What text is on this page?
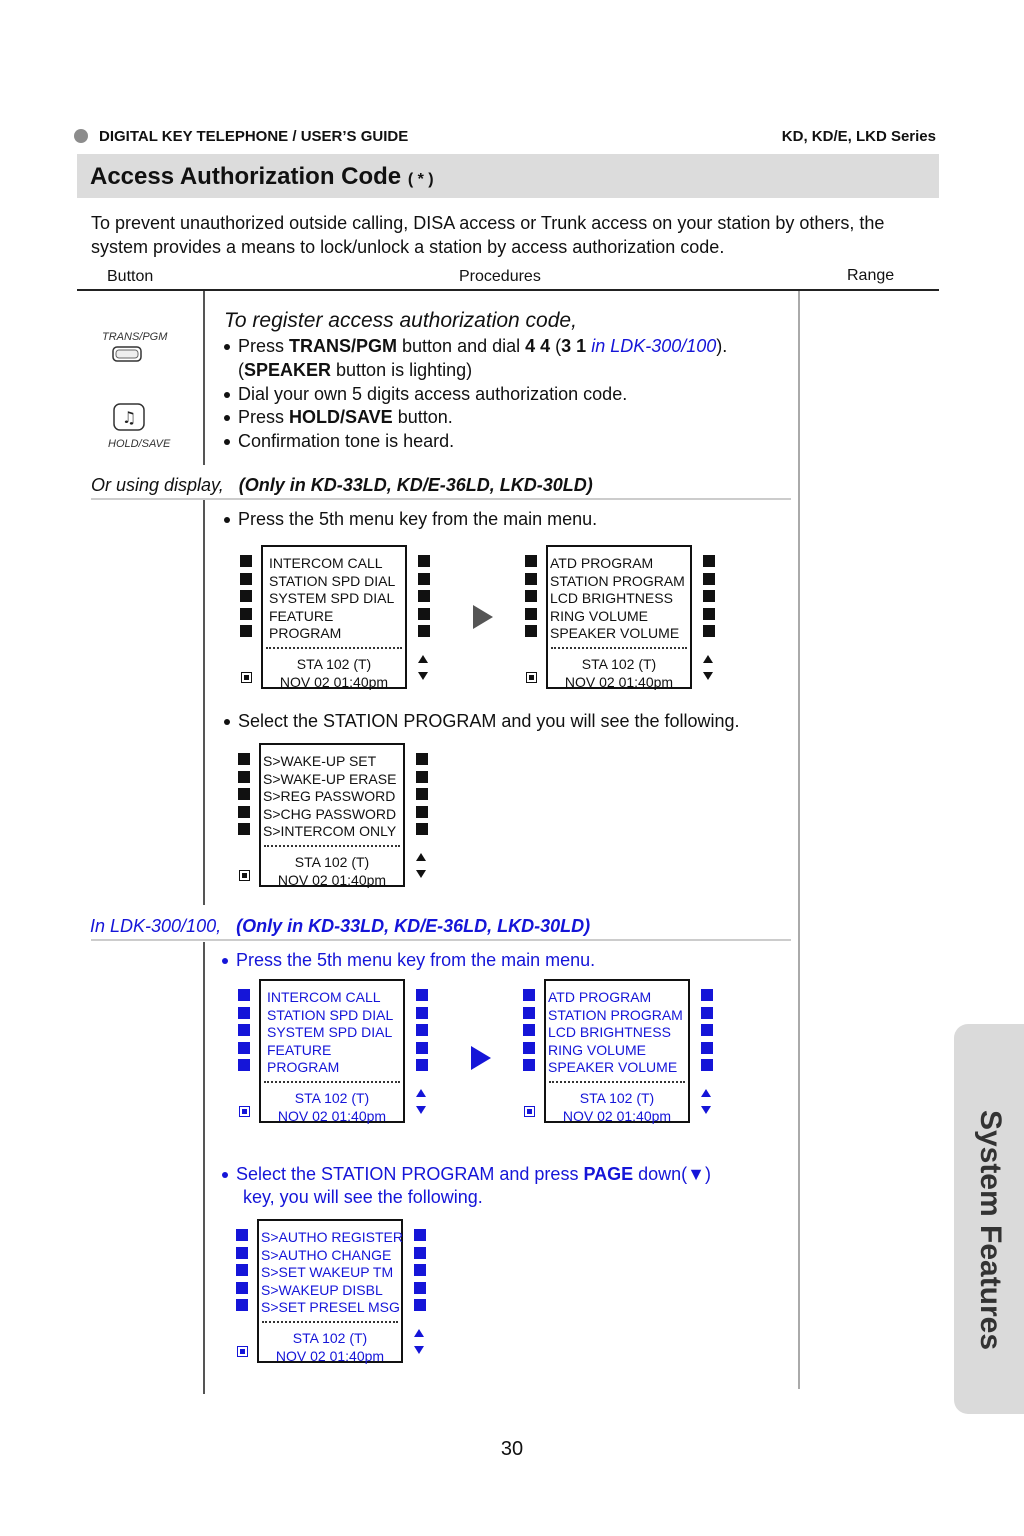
DIGITAL KEY TELEPHONE / USER’S GUIDE	KD, KD/E, LKD Series
Access Authorization Code ( * )
To prevent unauthorized outside calling, DISA access or Trunk access on your station by others, the system provides a means to lock/unlock a station by access authorization code.
Button	Procedures	Range
TRANS/PGM
♫
HOLD/SAVE
To register access authorization code,
Press TRANS/PGM button and dial 4 4 (3 1 in LDK-300/100).
(SPEAKER button is lighting)
Dial your own 5 digits access authorization code.
Press HOLD/SAVE button.
Confirmation tone is heard.
Or using display, (Only in KD-33LD, KD/E-36LD, LKD-30LD)
Press the 5th menu key from the main menu.
INTERCOM CALL
STATION SPD DIAL
SYSTEM SPD DIAL
FEATURE
PROGRAM
STA 102 (T)
NOV 02 01:40pm
ATD PROGRAM
STATION PROGRAM
LCD BRIGHTNESS
RING VOLUME
SPEAKER VOLUME
STA 102 (T)
NOV 02 01:40pm
Select the STATION PROGRAM and you will see the following.
S>WAKE-UP SET
S>WAKE-UP ERASE
S>REG PASSWORD
S>CHG PASSWORD
S>INTERCOM ONLY
STA 102 (T)
NOV 02 01:40pm
In LDK-300/100, (Only in KD-33LD, KD/E-36LD, LKD-30LD)
Press the 5th menu key from the main menu.
INTERCOM CALL
STATION SPD DIAL
SYSTEM SPD DIAL
FEATURE
PROGRAM
STA 102 (T)
NOV 02 01:40pm
ATD PROGRAM
STATION PROGRAM
LCD BRIGHTNESS
RING VOLUME
SPEAKER VOLUME
STA 102 (T)
NOV 02 01:40pm
Select the STATION PROGRAM and press PAGE down(▼)
key, you will see the following.
S>AUTHO REGISTER
S>AUTHO CHANGE
S>SET WAKEUP TM
S>WAKEUP DISBL
S>SET PRESEL MSG
STA 102 (T)
NOV 02 01:40pm
System Features
30
